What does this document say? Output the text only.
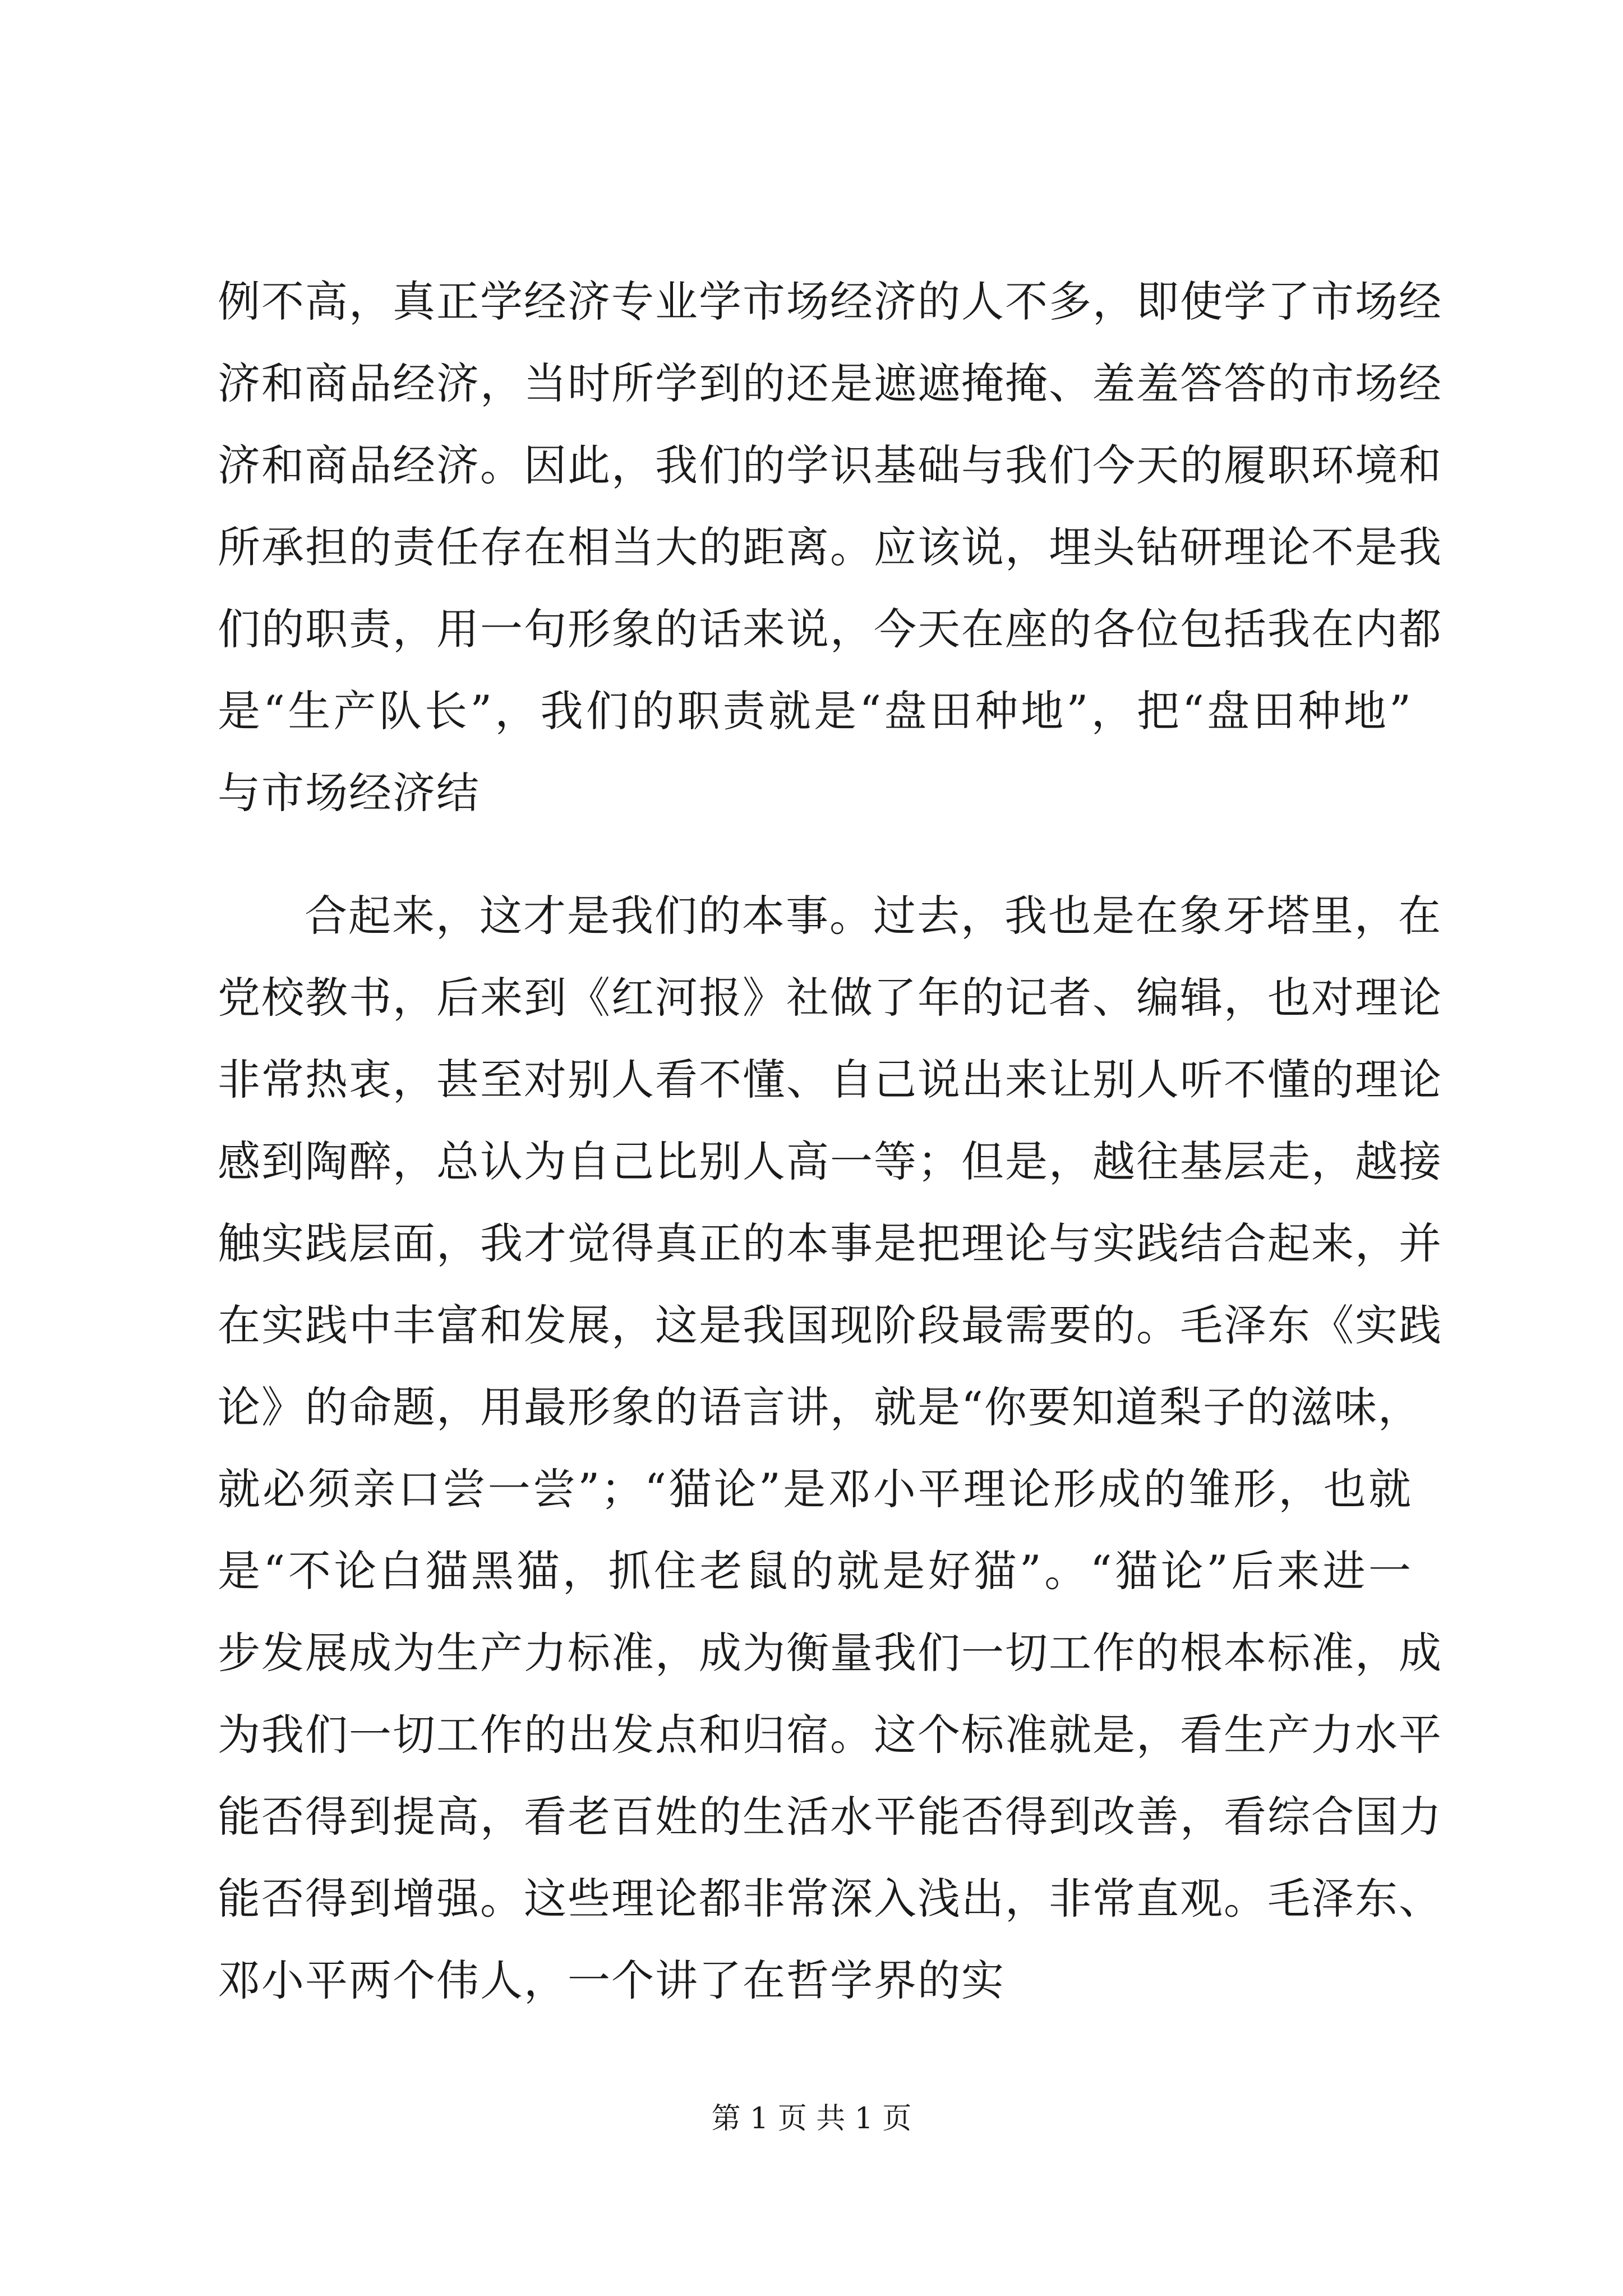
例不高，真正学经济专业学市场经济的人不多，即使学了市场经
济和商品经济，当时所学到的还是遮遮掩掩、羞羞答答的市场经
济和商品经济。因此，我们的学识基础与我们今天的履职环境和
所承担的责任存在相当大的距离。应该说，埋头钻研理论不是我
们的职责，用一句形象的话来说，今天在座的各位包括我在内都
是“生产队长”，我们的职责就是“盘田种地”，把“盘田种地”
与市场经济结
合起来，这才是我们的本事。过去，我也是在象牙塔里，在
党校教书，后来到《红河报》社做了年的记者、编辑，也对理论
非常热衷，甚至对别人看不懂、自己说出来让别人听不懂的理论
感到陶醉，总认为自己比别人高一等；但是，越往基层走，越接
触实践层面，我才觉得真正的本事是把理论与实践结合起来，并
在实践中丰富和发展，这是我国现阶段最需要的。毛泽东《实践
论》的命题，用最形象的语言讲，就是“你要知道梨子的滋味，
就必须亲口尝一尝”；“猫论”是邓小平理论形成的雏形，也就
是“不论白猫黑猫，抓住老鼠的就是好猫”。“猫论”后来进一
步发展成为生产力标准，成为衡量我们一切工作的根本标准，成
为我们一切工作的出发点和归宿。这个标准就是，看生产力水平
能否得到提高，看老百姓的生活水平能否得到改善，看综合国力
能否得到增强。这些理论都非常深入浅出，非常直观。毛泽东、
邓小平两个伟人，一个讲了在哲学界的实
第 1 页 共 1 页
